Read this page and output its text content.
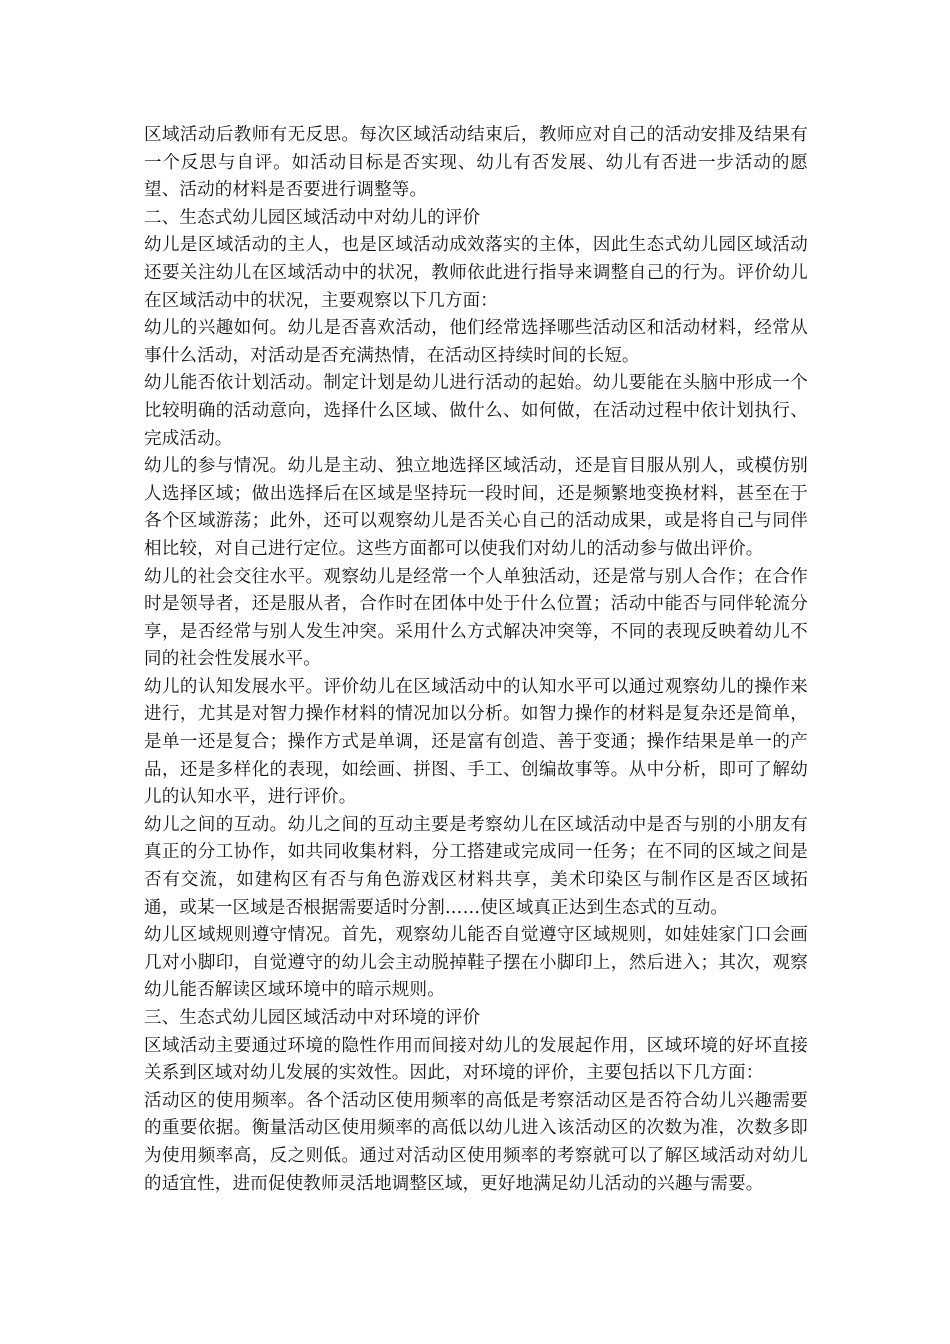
区域活动后教师有无反思。每次区域活动结束后，教师应对自己的活动安排及结果有一个反思与自评。如活动目标是否实现、幼儿有否发展、幼儿有否进一步活动的愿望、活动的材料是否要进行调整等。

二、生态式幼儿园区域活动中对幼儿的评价

幼儿是区域活动的主人，也是区域活动成效落实的主体，因此生态式幼儿园区域活动还要关注幼儿在区域活动中的状况，教师依此进行指导来调整自己的行为。评价幼儿在区域活动中的状况，主要观察以下几方面：

幼儿的兴趣如何。幼儿是否喜欢活动，他们经常选择哪些活动区和活动材料，经常从事什么活动，对活动是否充满热情，在活动区持续时间的长短。

幼儿能否依计划活动。制定计划是幼儿进行活动的起始。幼儿要能在头脑中形成一个比较明确的活动意向，选择什么区域、做什么、如何做，在活动过程中依计划执行、完成活动。

幼儿的参与情况。幼儿是主动、独立地选择区域活动，还是盲目服从别人，或模仿别人选择区域；做出选择后在区域是坚持玩一段时间，还是频繁地变换材料，甚至在于各个区域游荡；此外，还可以观察幼儿是否关心自己的活动成果，或是将自己与同伴相比较，对自己进行定位。这些方面都可以使我们对幼儿的活动参与做出评价。

幼儿的社会交往水平。观察幼儿是经常一个人单独活动，还是常与别人合作；在合作时是领导者，还是服从者，合作时在团体中处于什么位置；活动中能否与同伴轮流分享，是否经常与别人发生冲突。采用什么方式解决冲突等，不同的表现反映着幼儿不同的社会性发展水平。

幼儿的认知发展水平。评价幼儿在区域活动中的认知水平可以通过观察幼儿的操作来进行，尤其是对智力操作材料的情况加以分析。如智力操作的材料是复杂还是简单，是单一还是复合；操作方式是单调，还是富有创造、善于变通；操作结果是单一的产品，还是多样化的表现，如绘画、拼图、手工、创编故事等。从中分析，即可了解幼儿的认知水平，进行评价。

幼儿之间的互动。幼儿之间的互动主要是考察幼儿在区域活动中是否与别的小朋友有真正的分工协作，如共同收集材料，分工搭建或完成同一任务；在不同的区域之间是否有交流，如建构区有否与角色游戏区材料共享，美术印染区与制作区是否区域拓通，或某一区域是否根据需要适时分割……使区域真正达到生态式的互动。

幼儿区域规则遵守情况。首先，观察幼儿能否自觉遵守区域规则，如娃娃家门口会画几对小脚印，自觉遵守的幼儿会主动脱掉鞋子摆在小脚印上，然后进入；其次，观察幼儿能否解读区域环境中的暗示规则。

三、生态式幼儿园区域活动中对环境的评价

区域活动主要通过环境的隐性作用而间接对幼儿的发展起作用，区域环境的好坏直接关系到区域对幼儿发展的实效性。因此，对环境的评价，主要包括以下几方面：

活动区的使用频率。各个活动区使用频率的高低是考察活动区是否符合幼儿兴趣需要的重要依据。衡量活动区使用频率的高低以幼儿进入该活动区的次数为准，次数多即为使用频率高，反之则低。通过对活动区使用频率的考察就可以了解区域活动对幼儿的适宜性，进而促使教师灵活地调整区域，更好地满足幼儿活动的兴趣与需要。
